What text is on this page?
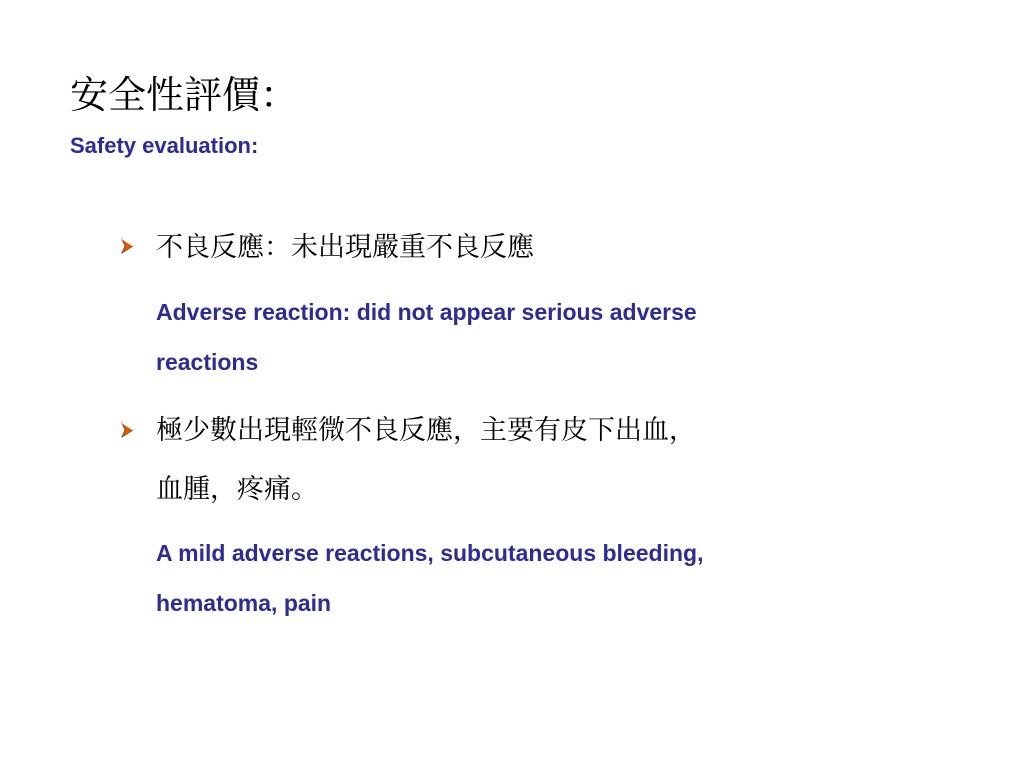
安全性評價：
Safety evaluation:
不良反應：未出現嚴重不良反應
Adverse reaction: did not appear serious adverse
reactions
極少數出現輕微不良反應，主要有皮下出血，
血腫，疼痛。
A mild adverse reactions, subcutaneous bleeding,
hematoma, pain
